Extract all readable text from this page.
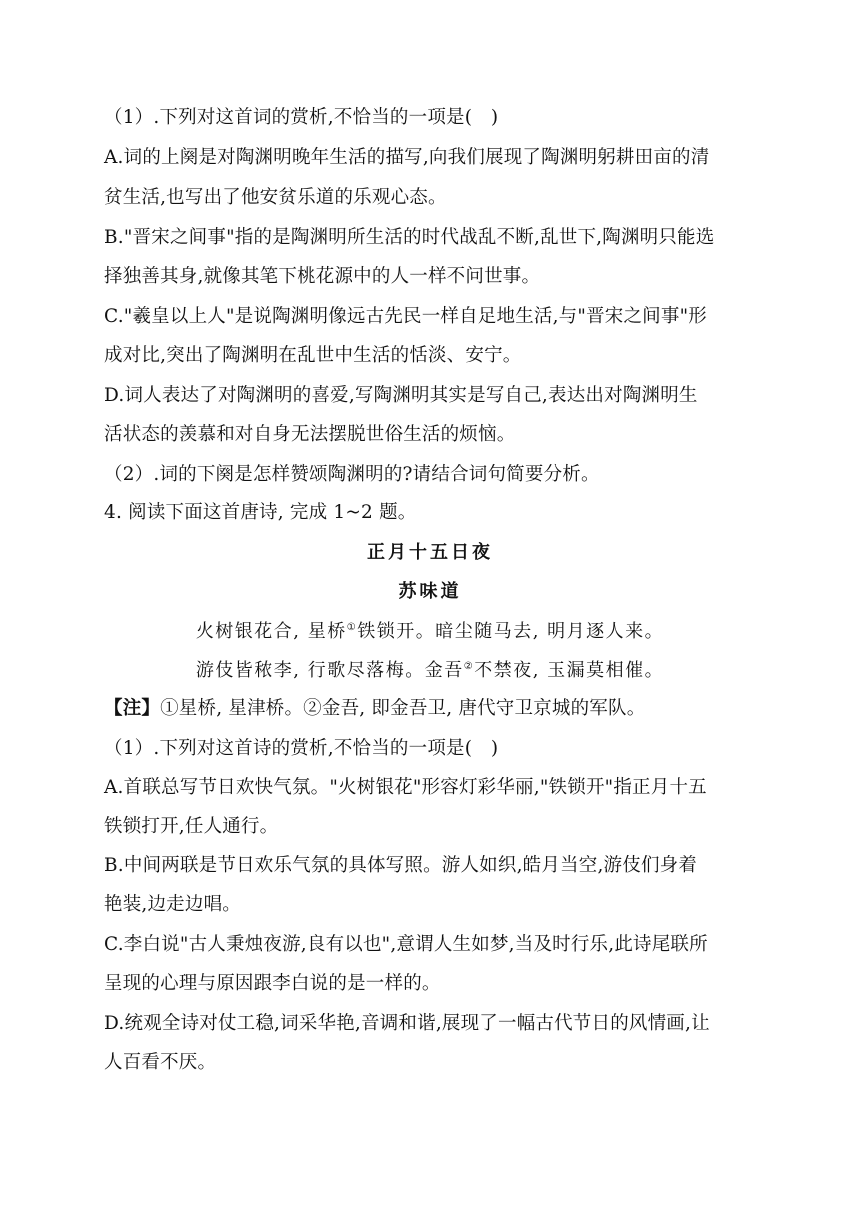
（1）.下列对这首词的赏析,不恰当的一项是(　)
A.词的上阕是对陶渊明晚年生活的描写,向我们展现了陶渊明躬耕田亩的清
贫生活,也写出了他安贫乐道的乐观心态。
B."晋宋之间事"指的是陶渊明所生活的时代战乱不断,乱世下,陶渊明只能选
择独善其身,就像其笔下桃花源中的人一样不问世事。
C."羲皇以上人"是说陶渊明像远古先民一样自足地生活,与"晋宋之间事"形
成对比,突出了陶渊明在乱世中生活的恬淡、安宁。
D.词人表达了对陶渊明的喜爱,写陶渊明其实是写自己,表达出对陶渊明生
活状态的羡慕和对自身无法摆脱世俗生活的烦恼。
（2）.词的下阕是怎样赞颂陶渊明的?请结合词句简要分析。
4. 阅读下面这首唐诗, 完成 1~2 题。
正月十五日夜
苏味道
火树银花合, 星桥①铁锁开。暗尘随马去, 明月逐人来。
游伎皆秾李, 行歌尽落梅。金吾②不禁夜, 玉漏莫相催。
【注】①星桥, 星津桥。②金吾, 即金吾卫, 唐代守卫京城的军队。
（1）.下列对这首诗的赏析,不恰当的一项是(　)
A.首联总写节日欢快气氛。"火树银花"形容灯彩华丽,"铁锁开"指正月十五
铁锁打开,任人通行。
B.中间两联是节日欢乐气氛的具体写照。游人如织,皓月当空,游伎们身着
艳装,边走边唱。
C.李白说"古人秉烛夜游,良有以也",意谓人生如梦,当及时行乐,此诗尾联所
呈现的心理与原因跟李白说的是一样的。
D.统观全诗对仗工稳,词采华艳,音调和谐,展现了一幅古代节日的风情画,让
人百看不厌。
